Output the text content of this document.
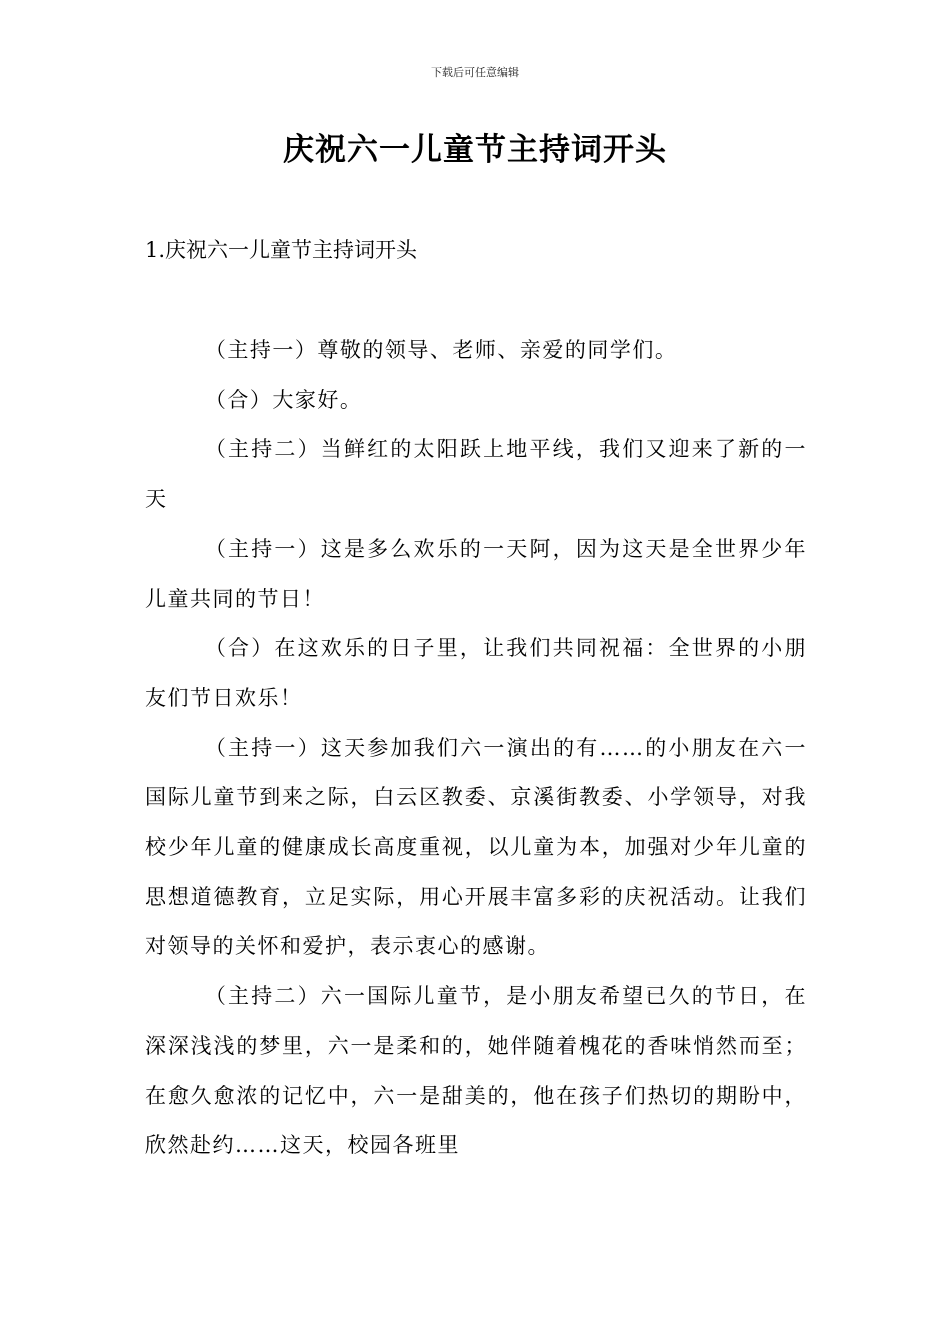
下载后可任意编辑
庆祝六一儿童节主持词开头
1.庆祝六一儿童节主持词开头

（主持一）尊敬的领导、老师、亲爱的同学们。

（合）大家好。

（主持二）当鲜红的太阳跃上地平线，我们又迎来了新的一天

（主持一）这是多么欢乐的一天阿，因为这天是全世界少年儿童共同的节日！

（合）在这欢乐的日子里，让我们共同祝福：全世界的小朋友们节日欢乐！

（主持一）这天参加我们六一演出的有……的小朋友在六一国际儿童节到来之际，白云区教委、京溪街教委、小学领导，对我校少年儿童的健康成长高度重视，以儿童为本，加强对少年儿童的思想道德教育，立足实际，用心开展丰富多彩的庆祝活动。让我们对领导的关怀和爱护，表示衷心的感谢。

（主持二）六一国际儿童节，是小朋友希望已久的节日，在深深浅浅的梦里，六一是柔和的，她伴随着槐花的香味悄然而至；在愈久愈浓的记忆中，六一是甜美的，他在孩子们热切的期盼中，欣然赴约……这天，校园各班里
